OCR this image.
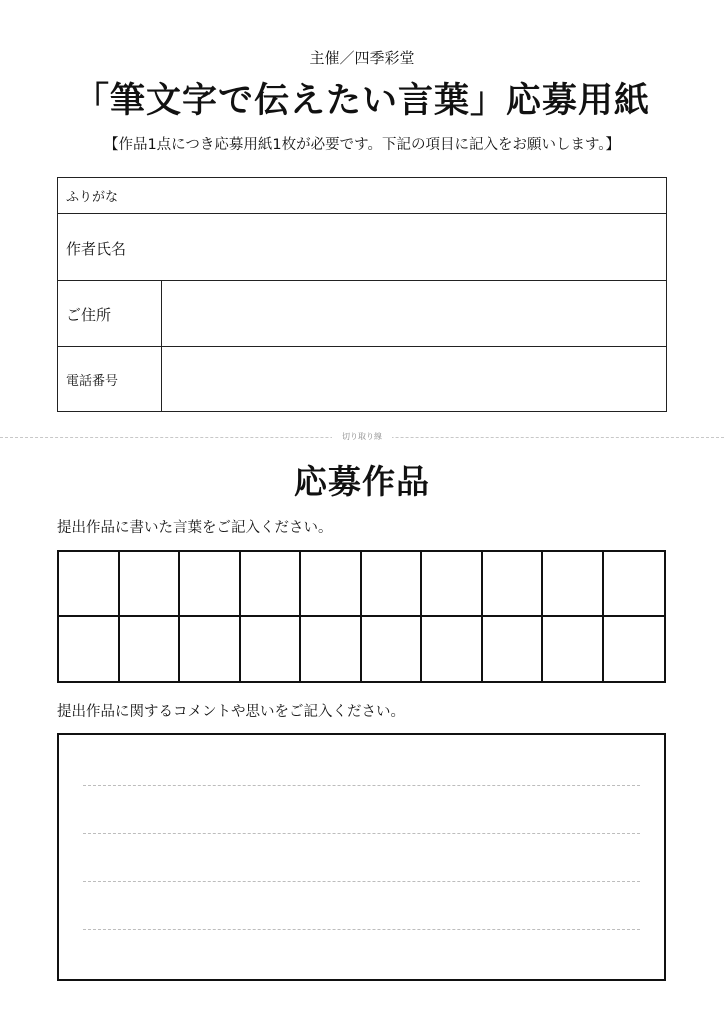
主催／四季彩堂
「筆文字で伝えたい言葉」応募用紙
【作品1点につき応募用紙1枚が必要です。下記の項目に記入をお願いします。】
ふりがな
作者氏名
ご住所
電話番号
切り取り線
応募作品
提出作品に書いた言葉をご記入ください。
提出作品に関するコメントや思いをご記入ください。
